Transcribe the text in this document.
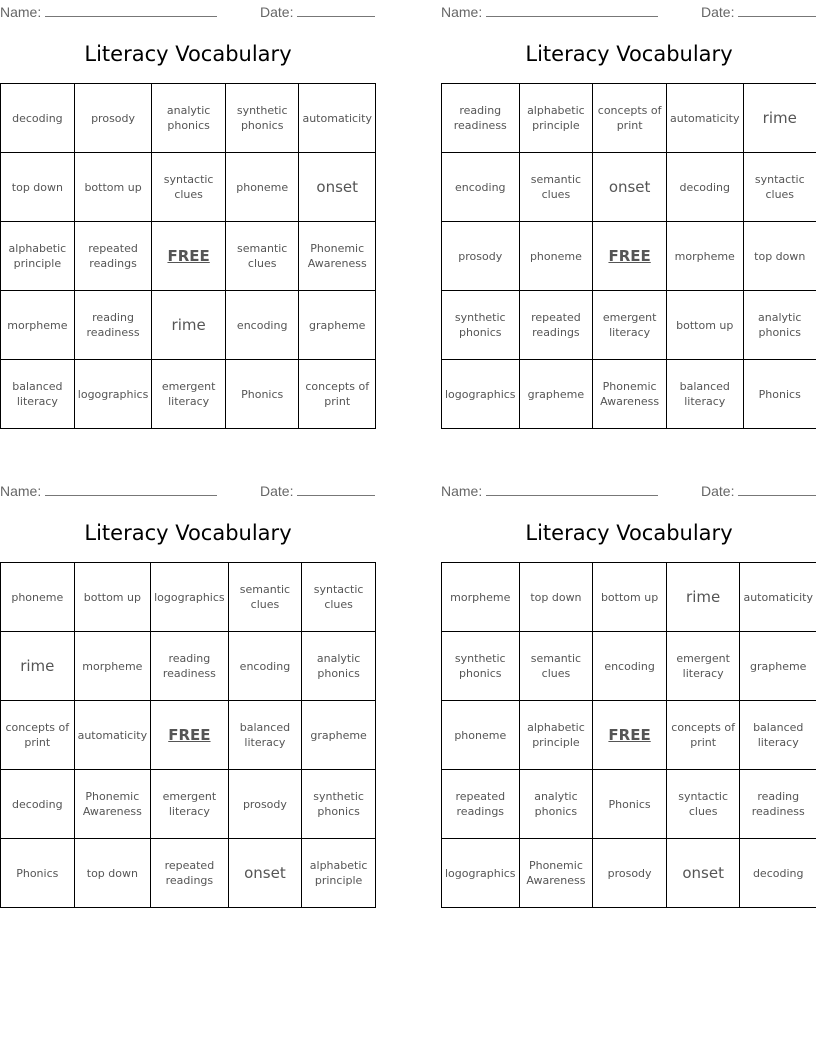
Name:	Date:
Literacy Vocabulary
decoding	prosody	analytic phonics	synthetic phonics	automaticity
top down	bottom up	syntactic clues	phoneme	onset
alphabetic principle	repeated readings	FREE	semantic clues	Phonemic Awareness
morpheme	reading readiness	rime	encoding	grapheme
balanced literacy	logographics	emergent literacy	Phonics	concepts of print
Name:	Date:
Literacy Vocabulary
reading readiness	alphabetic principle	concepts of print	automaticity	rime
encoding	semantic clues	onset	decoding	syntactic clues
prosody	phoneme	FREE	morpheme	top down
synthetic phonics	repeated readings	emergent literacy	bottom up	analytic phonics
logographics	grapheme	Phonemic Awareness	balanced literacy	Phonics
Name:	Date:
Literacy Vocabulary
phoneme	bottom up	logographics	semantic clues	syntactic clues
rime	morpheme	reading readiness	encoding	analytic phonics
concepts of print	automaticity	FREE	balanced literacy	grapheme
decoding	Phonemic Awareness	emergent literacy	prosody	synthetic phonics
Phonics	top down	repeated readings	onset	alphabetic principle
Name:	Date:
Literacy Vocabulary
morpheme	top down	bottom up	rime	automaticity
synthetic phonics	semantic clues	encoding	emergent literacy	grapheme
phoneme	alphabetic principle	FREE	concepts of print	balanced literacy
repeated readings	analytic phonics	Phonics	syntactic clues	reading readiness
logographics	Phonemic Awareness	prosody	onset	decoding
